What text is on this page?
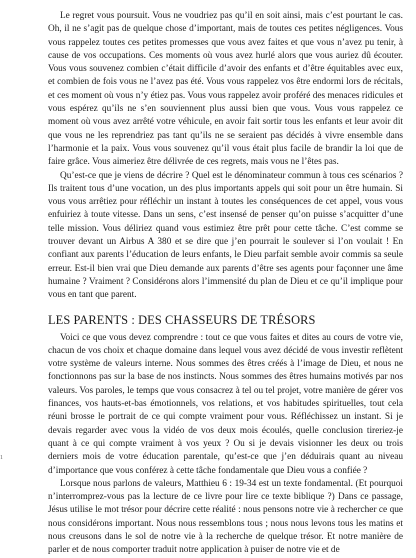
Le regret vous poursuit. Vous ne voudriez pas qu’il en soit ainsi, mais c’est pourtant le cas. Oh, il ne s’agit pas de quelque chose d’important, mais de toutes ces petites négligences. Vous vous rappelez toutes ces petites promesses que vous avez faites et que vous n’avez pu tenir, à cause de vos occupations. Ces moments où vous avez hurlé alors que vous auriez dû écouter. Vous vous souvenez combien c’était difficile d’avoir des enfants et d’être équitables avec eux, et combien de fois vous ne l’avez pas été. Vous vous rappelez vos être endormi lors de récitals, et ces moment où vous n’y étiez pas. Vous vous rappelez avoir proféré des menaces ridicules et vous espérez qu’ils ne s’en souviennent plus aussi bien que vous. Vous vous rappelez ce moment où vous avez arrêté votre véhicule, en avoir fait sortir tous les enfants et leur avoir dit que vous ne les reprendriez pas tant qu’ils ne se seraient pas décidés à vivre ensemble dans l’harmonie et la paix. Vous vous souvenez qu’il vous était plus facile de brandir la loi que de faire grâce. Vous aimeriez être délivrée de ces regrets, mais vous ne l’êtes pas.

Qu’est-ce que je viens de décrire ? Quel est le dénominateur commun à tous ces scénarios ? Ils traitent tous d’une vocation, un des plus importants appels qui soit pour un être humain. Si vous vous arrêtiez pour réfléchir un instant à toutes les conséquences de cet appel, vous vous enfuiriez à toute vitesse. Dans un sens, c’est insensé de penser qu’on puisse s’acquitter d’une telle mission. Vous déliriez quand vous estimiez être prêt pour cette tâche. C’est comme se trouver devant un Airbus A 380 et se dire que j’en pourrait le soulever si l’on voulait ! En confiant aux parents l’éducation de leurs enfants, le Dieu parfait semble avoir commis sa seule erreur. Est-il bien vrai que Dieu demande aux parents d’être ses agents pour façonner une âme humaine ? Vraiment ? Considérons alors l’immensité du plan de Dieu et ce qu’il implique pour vous en tant que parent.

LES PARENTS : DES CHASSEURS DE TRÉSORS

Voici ce que vous devez comprendre : tout ce que vous faites et dites au cours de votre vie, chacun de vos choix et chaque domaine dans lequel vous avez décidé de vous investir reflètent votre système de valeurs interne. Nous sommes des êtres créés à l’image de Dieu, et nous ne fonctionnons pas sur la base de nos instincts. Nous sommes des êtres humains motivés par nos valeurs. Vos paroles, le temps que vous consacrez à tel ou tel projet, votre manière de gérer vos finances, vos hauts-et-bas émotionnels, vos relations, et vos habitudes spirituelles, tout cela réuni brosse le portrait de ce qui compte vraiment pour vous. Réfléchissez un instant. Si je devais regarder avec vous la vidéo de vos deux mois écoulés, quelle conclusion tireriez-je quant à ce qui compte vraiment à vos yeux ? Ou si je devais visionner les deux ou trois derniers mois de votre éducation parentale, qu’est-ce que j’en déduirais quant au niveau d’importance que vous conférez à cette tâche fondamentale que Dieu vous a confiée ?

Lorsque nous parlons de valeurs, Matthieu 6 : 19-34 est un texte fondamental. (Et pourquoi n’interromprez-vous pas la lecture de ce livre pour lire ce texte biblique ?) Dans ce passage, Jésus utilise le mot trésor pour décrire cette réalité : nous pensons notre vie à rechercher ce que nous considérons important. Nous nous ressemblons tous ; nous nous levons tous les matins et nous creusons dans le sol de notre vie à la recherche de quelque trésor. Et notre manière de parler et de nous comporter traduit notre application à puiser de notre vie et de

1
